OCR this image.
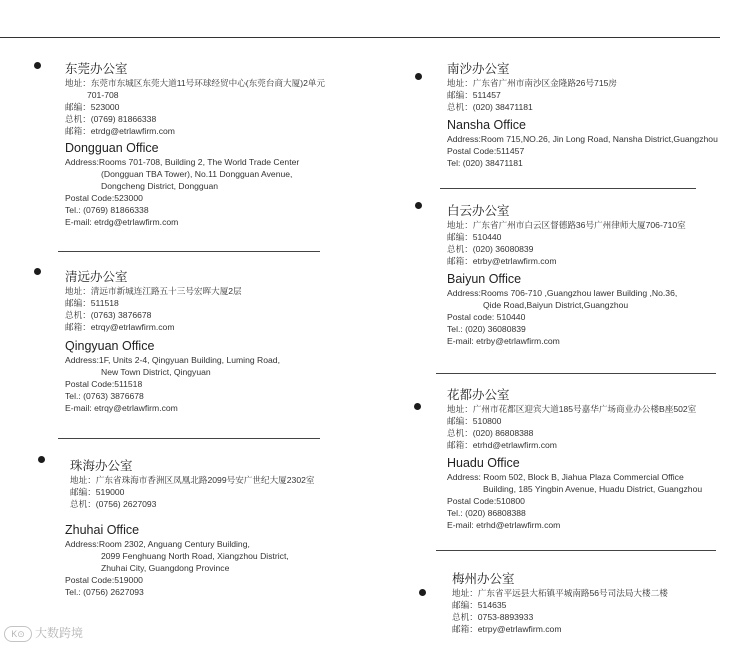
东莞办公室
地址：东莞市东城区东莞大道11号环球经贸中心(东莞台商大厦)2单元
701-708
邮编：523000
总机：(0769) 81866338
邮箱：etrdg@etrlawfirm.com
Dongguan Office
Address:Rooms 701-708, Building 2, The World Trade Center
(Dongguan TBA Tower), No.11 Dongguan Avenue,
Dongcheng District, Dongguan
Postal Code:523000
Tel.: (0769) 81866338
E-mail: etrdg@etrlawfirm.com
清远办公室
地址：清远市新城连江路五十三号宏晖大厦2层
邮编：511518
总机：(0763) 3876678
邮箱：etrqy@etrlawfirm.com
Qingyuan Office
Address:1F, Units 2-4, Qingyuan Building, Luming Road,
New Town District, Qingyuan
Postal Code:511518
Tel.: (0763) 3876678
E-mail: etrqy@etrlawfirm.com
珠海办公室
地址：广东省珠海市香洲区凤凰北路2099号安广世纪大厦2302室
邮编：519000
总机：(0756) 2627093
Zhuhai Office
Address:Room 2302, Anguang Century Building,
2099 Fenghuang North Road, Xiangzhou District,
Zhuhai City, Guangdong Province
Postal Code:519000
Tel.: (0756) 2627093
南沙办公室
地址：广东省广州市南沙区金隆路26号715房
邮编：511457
总机：(020) 38471181
Nansha Office
Address:Room 715,NO.26, Jin Long Road, Nansha District,Guangzhou
Postal Code:511457
Tel: (020) 38471181
白云办公室
地址：广东省广州市白云区督德路36号广州律师大厦706-710室
邮编：510440
总机：(020) 36080839
邮箱：etrby@etrlawfirm.com
Baiyun Office
Address:Rooms 706-710 ,Guangzhou lawer Building ,No.36,
Qide Road,Baiyun District,Guangzhou
Postal code: 510440
Tel.: (020) 36080839
E-mail: etrby@etrlawfirm.com
花都办公室
地址：广州市花都区迎宾大道185号嘉华广场商业办公楼B座502室
邮编：510800
总机：(020) 86808388
邮箱：etrhd@etrlawfirm.com
Huadu Office
Address: Room 502, Block B, Jiahua Plaza Commercial Office
Building, 185 Yingbin Avenue, Huadu District, Guangzhou
Postal Code:510800
Tel.: (020) 86808388
E-mail: etrhd@etrlawfirm.com
梅州办公室
地址：广东省平远县大柘镇平城南路56号司法局大楼二楼
邮编：514635
总机：0753-8893933
邮箱：etrpy@etrlawfirm.com
K⊙ 大数跨境
